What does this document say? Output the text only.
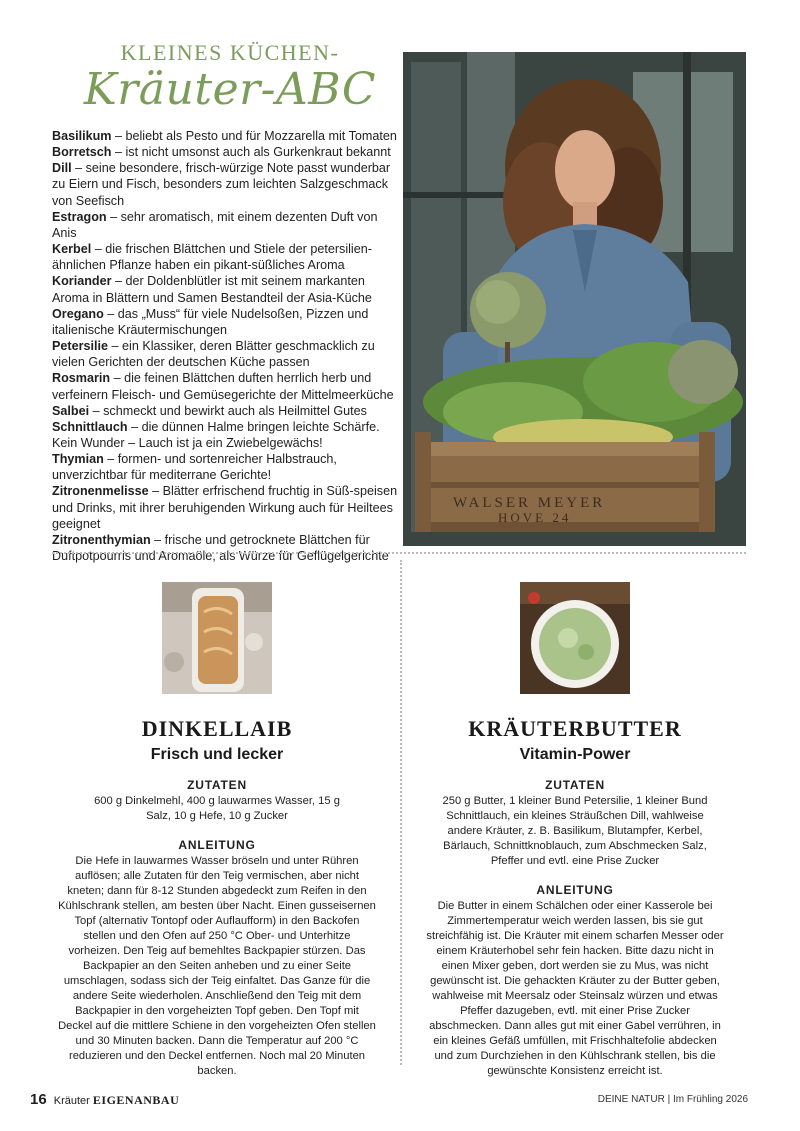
KLEINES KÜCHEN-
Kräuter-ABC
Basilikum – beliebt als Pesto und für Mozzarella mit Tomaten
Borretsch – ist nicht umsonst auch als Gurkenkraut bekannt
Dill – seine besondere, frisch-würzige Note passt wunderbar zu Eiern und Fisch, besonders zum leichten Salzgeschmack von Seefisch
Estragon – sehr aromatisch, mit einem dezenten Duft von Anis
Kerbel – die frischen Blättchen und Stiele der petersilien-ähnlichen Pflanze haben ein pikant-süßliches Aroma
Koriander – der Doldenblütler ist mit seinem markanten Aroma in Blättern und Samen Bestandteil der Asia-Küche
Oregano – das „Muss“ für viele Nudelsoßen, Pizzen und italienische Kräutermischungen
Petersilie – ein Klassiker, deren Blätter geschmacklich zu vielen Gerichten der deutschen Küche passen
Rosmarin – die feinen Blättchen duften herrlich herb und verfeinern Fleisch- und Gemüsegerichte der Mittelmeerküche
Salbei – schmeckt und bewirkt auch als Heilmittel Gutes
Schnittlauch – die dünnen Halme bringen leichte Schärfe. Kein Wunder – Lauch ist ja ein Zwiebelgewächs!
Thymian – formen- und sortenreicher Halbstrauch, unverzichtbar für mediterrane Gerichte!
Zitronenmelisse – Blätter erfrischend fruchtig in Süß-speisen und Drinks, mit ihrer beruhigenden Wirkung auch für Heiltees geeignet
Zitronenthymian – frische und getrocknete Blättchen für Duftpotpourris und Aromaöle, als Würze für Geflügelgerichte
WALSER MEYER
HOVE 24
DINKELLAIB
Frisch und lecker
ZUTATEN
600 g Dinkelmehl, 400 g lauwarmes Wasser, 15 g Salz, 10 g Hefe, 10 g Zucker
ANLEITUNG
Die Hefe in lauwarmes Wasser bröseln und unter Rühren auflösen; alle Zutaten für den Teig vermischen, aber nicht kneten; dann für 8-12 Stunden abgedeckt zum Reifen in den Kühlschrank stellen, am besten über Nacht. Einen gusseisernen Topf (alternativ Tontopf oder Auflaufform) in den Backofen stellen und den Ofen auf 250 °C Ober- und Unterhitze vorheizen. Den Teig auf bemehltes Backpapier stürzen. Das Backpapier an den Seiten anheben und zu einer Seite umschlagen, sodass sich der Teig einfaltet. Das Ganze für die andere Seite wiederholen. Anschließend den Teig mit dem Backpapier in den vorgeheizten Topf geben. Den Topf mit Deckel auf die mittlere Schiene in den vorgeheizten Ofen stellen und 30 Minuten backen. Dann die Temperatur auf 200 °C reduzieren und den Deckel entfernen. Noch mal 20 Minuten backen.
KRÄUTERBUTTER
Vitamin-Power
ZUTATEN
250 g Butter, 1 kleiner Bund Petersilie, 1 kleiner Bund Schnittlauch, ein kleines Sträußchen Dill, wahlweise andere Kräuter, z. B. Basilikum, Blutampfer, Kerbel, Bärlauch, Schnittknoblauch, zum Abschmecken Salz, Pfeffer und evtl. eine Prise Zucker
ANLEITUNG
Die Butter in einem Schälchen oder einer Kasserole bei Zimmertemperatur weich werden lassen, bis sie gut streichfähig ist. Die Kräuter mit einem scharfen Messer oder einem Kräuterhobel sehr fein hacken. Bitte dazu nicht in einen Mixer geben, dort werden sie zu Mus, was nicht gewünscht ist. Die gehackten Kräuter zu der Butter geben, wahlweise mit Meersalz oder Steinsalz würzen und etwas Pfeffer dazugeben, evtl. mit einer Prise Zucker abschmecken. Dann alles gut mit einer Gabel verrühren, in ein kleines Gefäß umfüllen, mit Frischhaltefolie abdecken und zum Durchziehen in den Kühlschrank stellen, bis die gewünschte Konsistenz erreicht ist.
16 Kräuter EIGENANBAU	DEINE NATUR | Im Frühling 2026
